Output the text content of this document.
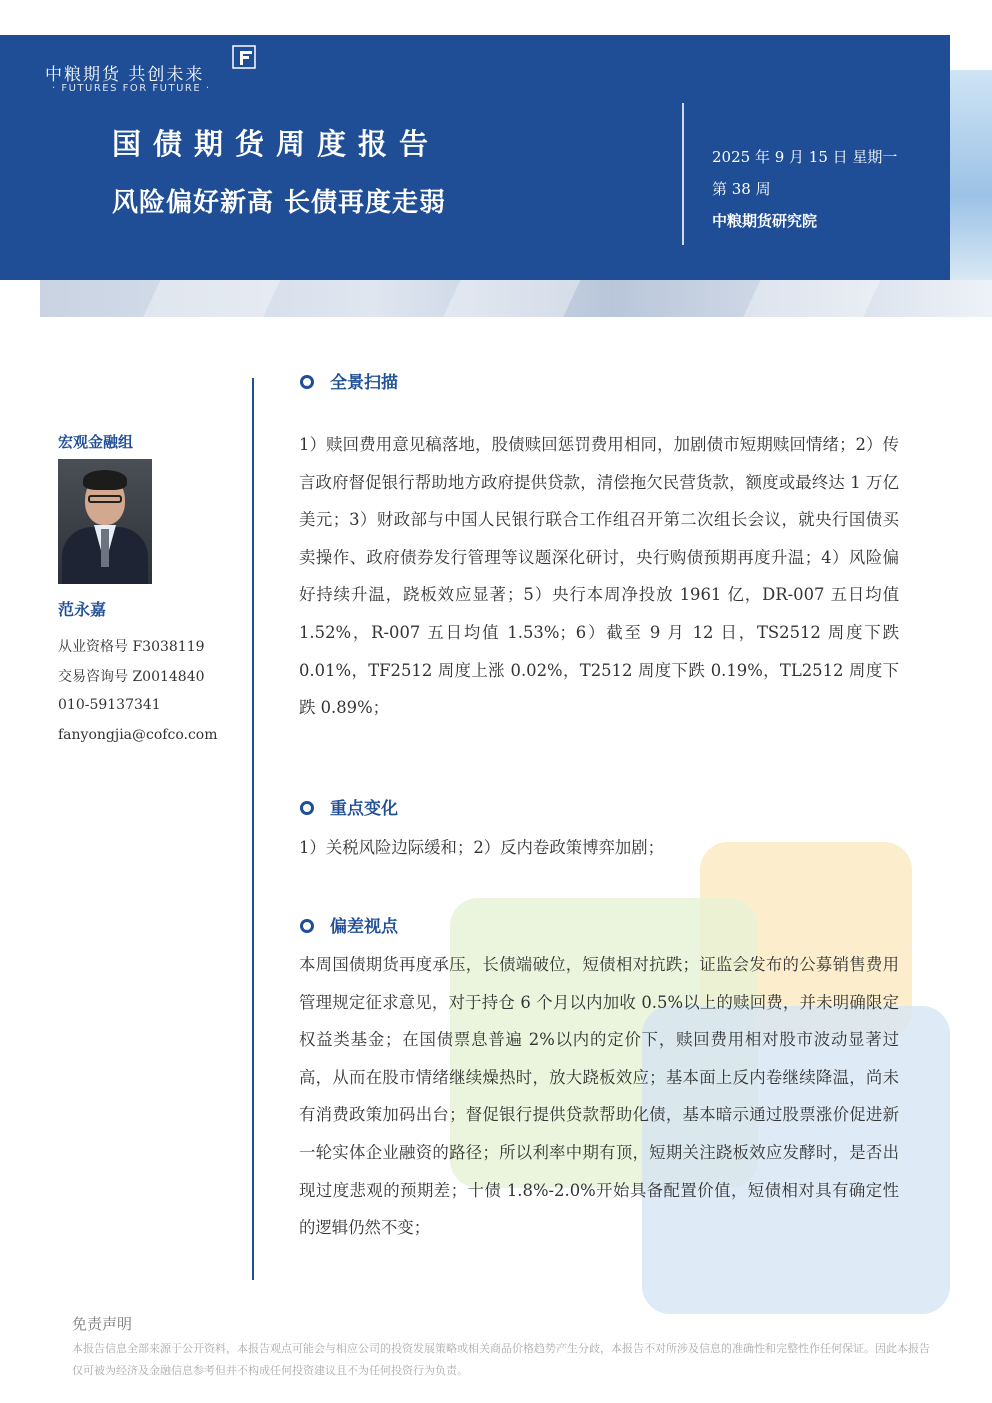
中粮期货 共创未来
· FUTURES FOR FUTURE ·
国债期货周度报告
风险偏好新高 长债再度走弱
2025 年 9 月 15 日 星期一
第 38 周
中粮期货研究院
宏观金融组
范永嘉
从业资格号 F3038119
交易咨询号 Z0014840
010-59137341
fanyongjia@cofco.com
全景扫描
1）赎回费用意见稿落地，股债赎回惩罚费用相同，加剧债市短期赎回情绪；2）传言政府督促银行帮助地方政府提供贷款，清偿拖欠民营货款，额度或最终达 1 万亿美元；3）财政部与中国人民银行联合工作组召开第二次组长会议，就央行国债买卖操作、政府债券发行管理等议题深化研讨，央行购债预期再度升温；4）风险偏好持续升温，跷板效应显著；5）央行本周净投放 1961 亿，DR-007 五日均值 1.52%，R-007 五日均值 1.53%；6）截至 9 月 12 日，TS2512 周度下跌 0.01%，TF2512 周度上涨 0.02%，T2512 周度下跌 0.19%，TL2512 周度下跌 0.89%；
重点变化
1）关税风险边际缓和；2）反内卷政策博弈加剧；
偏差视点
本周国债期货再度承压，长债端破位，短债相对抗跌；证监会发布的公募销售费用管理规定征求意见，对于持仓 6 个月以内加收 0.5%以上的赎回费，并未明确限定权益类基金；在国债票息普遍 2%以内的定价下，赎回费用相对股市波动显著过高，从而在股市情绪继续燥热时，放大跷板效应；基本面上反内卷继续降温，尚未有消费政策加码出台；督促银行提供贷款帮助化债，基本暗示通过股票涨价促进新一轮实体企业融资的路径；所以利率中期有顶，短期关注跷板效应发酵时，是否出现过度悲观的预期差；十债 1.8%-2.0%开始具备配置价值，短债相对具有确定性的逻辑仍然不变；
免责声明
本报告信息全部来源于公开资料，本报告观点可能会与相应公司的投资发展策略或相关商品价格趋势产生分歧，本报告不对所涉及信息的准确性和完整性作任何保证。因此本报告仅可被为经济及金融信息参考但并不构成任何投资建议且不为任何投资行为负责。
